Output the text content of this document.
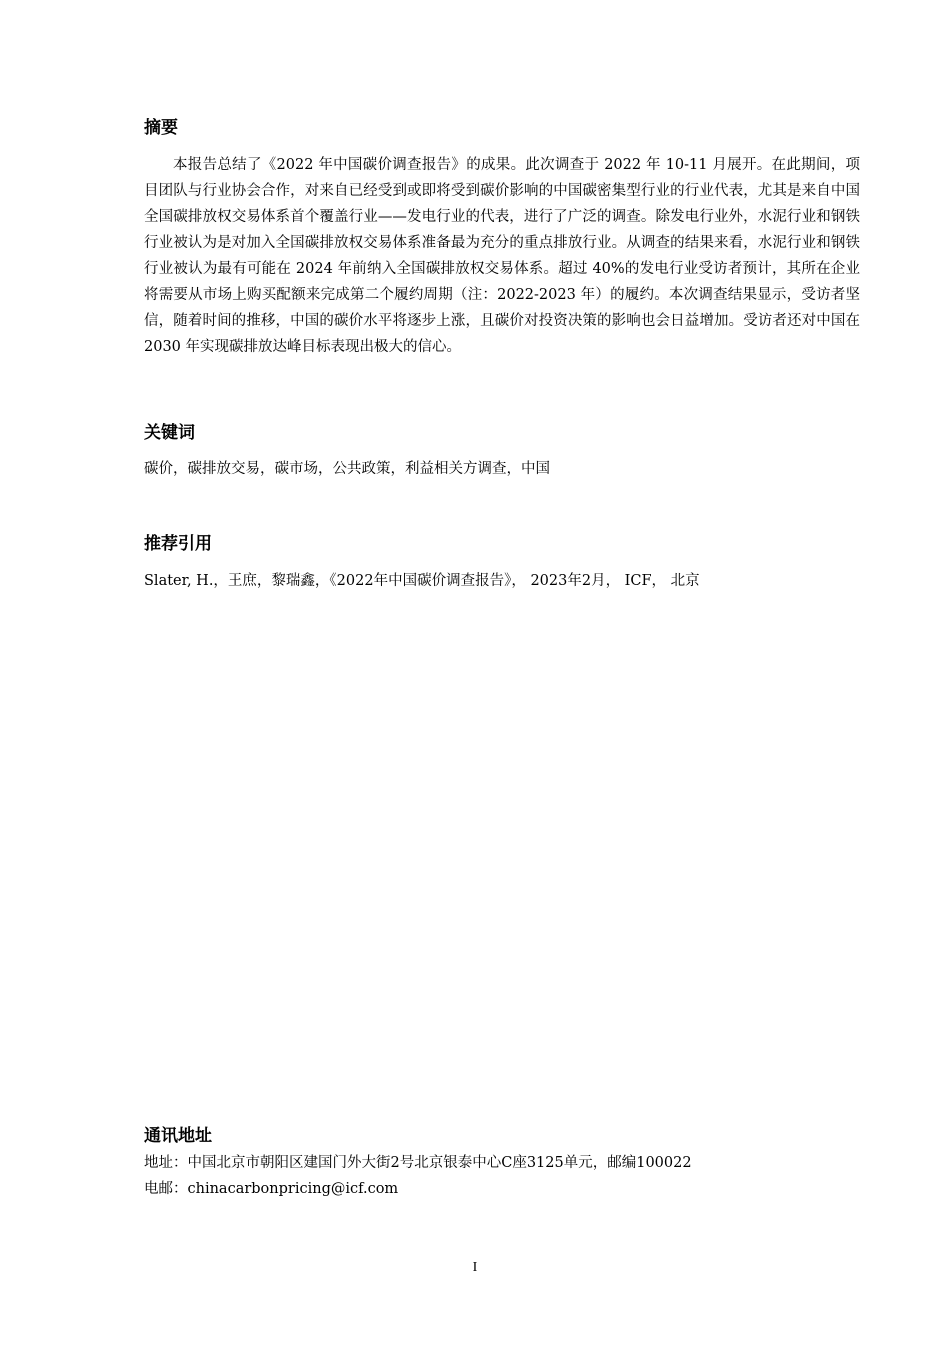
摘要

本报告总结了《2022 年中国碳价调查报告》的成果。此次调查于 2022 年 10-11 月展开。在此期间，项目团队与行业协会合作，对来自已经受到或即将受到碳价影响的中国碳密集型行业的行业代表，尤其是来自中国全国碳排放权交易体系首个覆盖行业——发电行业的代表，进行了广泛的调查。除发电行业外，水泥行业和钢铁行业被认为是对加入全国碳排放权交易体系准备最为充分的重点排放行业。从调查的结果来看，水泥行业和钢铁行业被认为最有可能在 2024 年前纳入全国碳排放权交易体系。超过 40%的发电行业受访者预计，其所在企业将需要从市场上购买配额来完成第二个履约周期（注：2022-2023 年）的履约。本次调查结果显示，受访者坚信，随着时间的推移，中国的碳价水平将逐步上涨，且碳价对投资决策的影响也会日益增加。受访者还对中国在 2030 年实现碳排放达峰目标表现出极大的信心。

关键词

碳价，碳排放交易，碳市场，公共政策，利益相关方调查，中国

推荐引用

Slater, H.，王庶，黎瑞鑫，《2022年中国碳价调查报告》， 2023年2月， ICF， 北京

通讯地址

地址：中国北京市朝阳区建国门外大街2号北京银泰中心C座3125单元，邮编100022

电邮：chinacarbonpricing@icf.com

I
